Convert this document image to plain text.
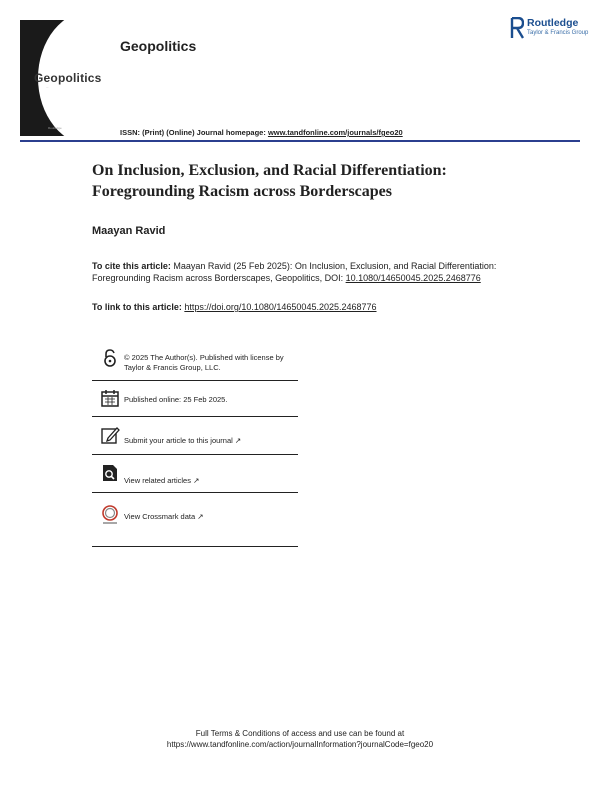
Geopolitics
...
Routledge
Geopolitics
Routledge
Taylor & Francis Group
ISSN: (Print) (Online) Journal homepage: www.tandfonline.com/journals/fgeo20
On Inclusion, Exclusion, and Racial Differentiation: Foregrounding Racism across Borderscapes
Maayan Ravid
To cite this article: Maayan Ravid (25 Feb 2025): On Inclusion, Exclusion, and Racial Differentiation: Foregrounding Racism across Borderscapes, Geopolitics, DOI: 10.1080/14650045.2025.2468776
To link to this article: https://doi.org/10.1080/14650045.2025.2468776
© 2025 The Author(s). Published with license by Taylor & Francis Group, LLC.
Published online: 25 Feb 2025.
Submit your article to this journal ↗
View related articles ↗
View Crossmark data ↗
Full Terms & Conditions of access and use can be found at
https://www.tandfonline.com/action/journalInformation?journalCode=fgeo20
